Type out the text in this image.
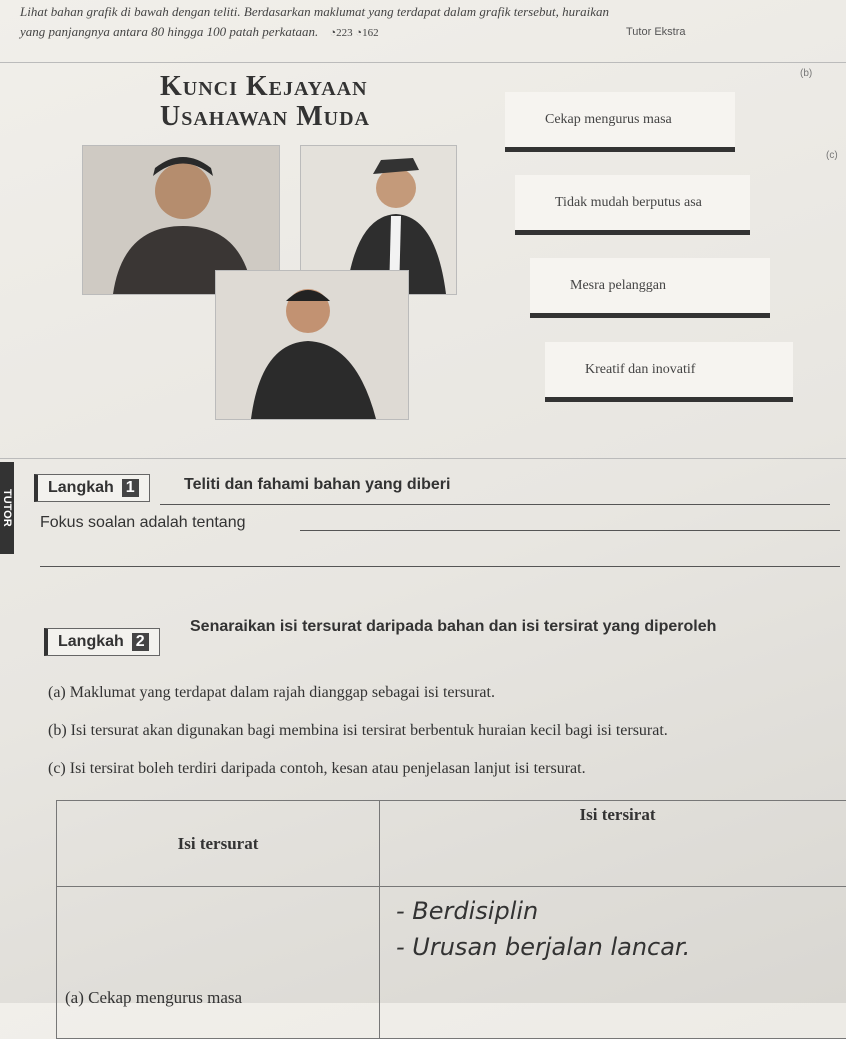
Lihat bahan grafik di bawah dengan teliti. Berdasarkan maklumat yang terdapat dalam grafik tersebut, huraikan
yang panjangnya antara 80 hingga 100 patah perkataan. ◔223 ◔162	Tutor Ekstra
(b)
(c)
Kunci Kejayaan
Usahawan Muda	Cekap mengurus masa
Tidak mudah berputus asa
Mesra pelanggan
Kreatif dan inovatif
TUTOR
Langkah 1	Teliti dan fahami bahan yang diberi
Fokus soalan adalah tentang
Langkah 2
Senaraikan isi tersurat daripada bahan dan isi tersirat yang diperoleh
(a) Maklumat yang terdapat dalam rajah dianggap sebagai isi tersurat.
(b) Isi tersurat akan digunakan bagi membina isi tersirat berbentuk huraian kecil bagi isi tersurat.
(c) Isi tersirat boleh terdiri daripada contoh, kesan atau penjelasan lanjut isi tersurat.
Isi tersurat	Isi tersirat
(a) Cekap mengurus masa	- Berdisiplin
- Urusan berjalan lancar.
